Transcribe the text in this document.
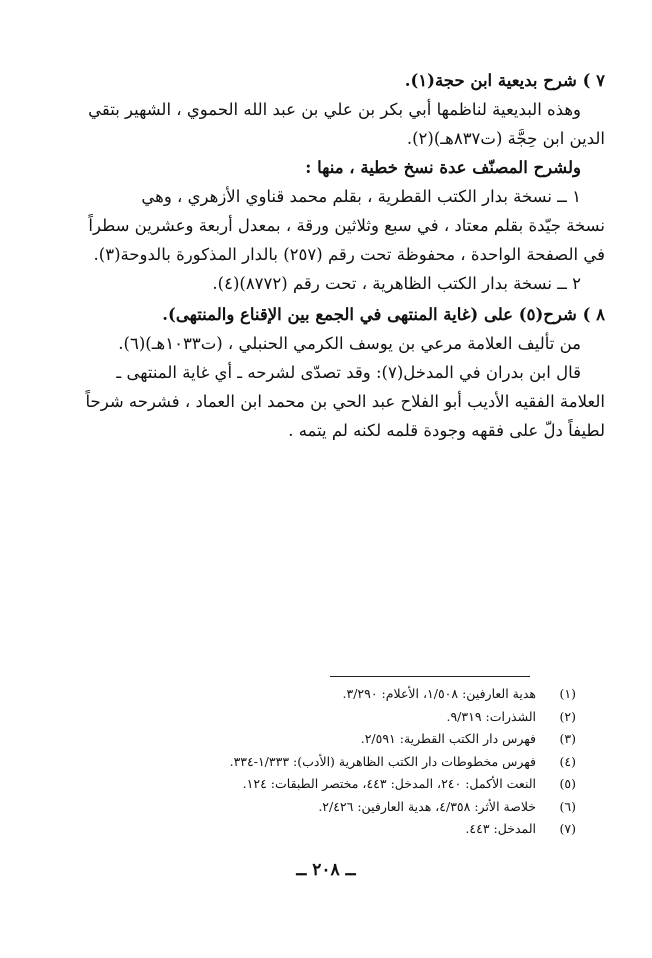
٧ ) شرح بديعية ابن حجة(١).
وهذه البديعية لناظمها أبي بكر بن علي بن عبد الله الحموي ، الشهير بتقي
الدين ابن حِجَّة (ت٨٣٧هـ)(٢).
ولشرح المصنّف عدة نسخ خطية ، منها :
١ ــ نسخة بدار الكتب القطرية ، بقلم محمد قناوي الأزهري ، وهي
نسخة جيّدة بقلم معتاد ، في سبع وثلاثين ورقة ، بمعدل أربعة وعشرين سطراً
في الصفحة الواحدة ، محفوظة تحت رقم (٢٥٧) بالدار المذكورة بالدوحة(٣).
٢ ــ نسخة بدار الكتب الظاهرية ، تحت رقم (٨٧٧٢)(٤).
٨ ) شرح(٥) على (غاية المنتهى في الجمع بين الإقناع والمنتهى).
من تأليف العلامة مرعي بن يوسف الكرمي الحنبلي ، (ت١٠٣٣هـ)(٦).
قال ابن بدران في المدخل(٧): وقد تصدّى لشرحه ـ أي غاية المنتهى ـ
العلامة الفقيه الأديب أبو الفلاح عبد الحي بن محمد ابن العماد ، فشرحه شرحاً
لطيفاً دلّ على فقهه وجودة قلمه لكنه لم يتمه .
(١) هدية العارفين: ١/٥٠٨، الأعلام: ٣/٢٩٠.
(٢) الشذرات: ٩/٣١٩.
(٣) فهرس دار الكتب القطرية: ٢/٥٩١.
(٤) فهرس مخطوطات دار الكتب الظاهرية (الأدب): ١/٣٣٣-٣٣٤.
(٥) النعت الأكمل: ٢٤٠، المدخل: ٤٤٣، مختصر الطبقات: ١٢٤.
(٦) خلاصة الأثر: ٤/٣٥٨، هدية العارفين: ٢/٤٢٦.
(٧) المدخل: ٤٤٣.
ــ ٢٠٨ ــ
